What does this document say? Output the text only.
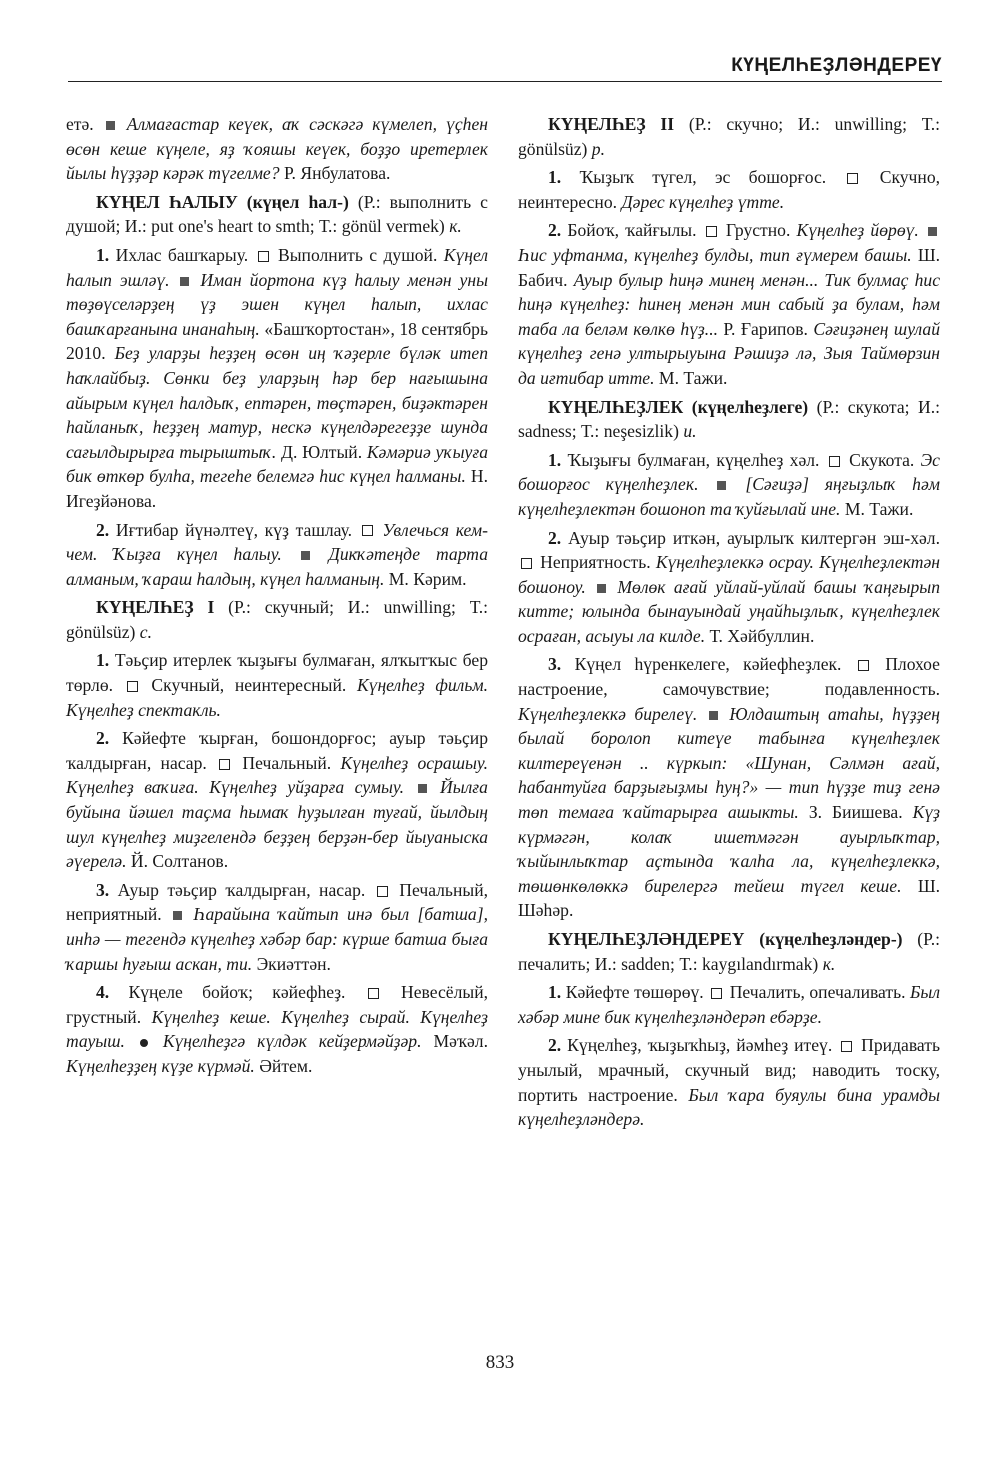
КҮҢЕЛҺЕҘЛӘНДЕРЕҮ

етә. Алмағастар кеүек, аҡ сәскәгә күмелеп, үҫһен өсөн кеше күңеле, яҙ ҡояшы кеүек, боҙҙо иретерлек йылы һүҙҙәр кәрәк түгелме? Р. Янбулатова.

КҮҢЕЛ ҺАЛЫУ (күңел һал-) (Р.: выполнить с душой; И.: put one's heart to smth; Т.: gönül vermek) к.

1. Ихлас башҡарыу. Выполнить с душой. Күңел һалып эшләү. Иман йортона күҙ һалыу менән уны төҙөүселәрҙең үҙ эшен күңел һалып, ихлас башҡарғанына инанаһың. «Башҡортостан», 18 сентябрь 2010. Беҙ уларҙы һеҙҙең өсөн иң ҡәҙерле бүләк итеп һаҡлайбыҙ. Сөнки беҙ уларҙың һәр бер нағышына айырым күңел һалдыҡ, ептәрен, төҫтәрен, биҙәктәрен һайланыҡ, һеҙҙең матур, нескә күңелдәрегеҙҙе шунда сағылдырырға тырыштыҡ. Д. Юлтый. Кәмәриә уҡыуға бик өткөр булһа, тегеһе белемгә һис күңел һалманы. Н. Игеҙйәнова.

2. Иғтибар йүнәлтеү, күҙ ташлау. Увлечься кем-чем. Ҡыҙға күңел һалыу.	Дикҡәтеңде тарта алманым, ҡараш һалдың, күңел һалманың. М. Кәрим.

КҮҢЕЛҺЕҘ I (Р.: скучный; И.: unwilling; Т.: gönülsüz) с.

1. Тәьҫир итерлек ҡыҙығы булмаған, ялҡытҡыс бер төрлө. Скучный, неинтересный. Күңелһеҙ фильм. Күңелһеҙ спектакль.

2. Кәйефте ҡырған, бошондорғос; ауыр тәьҫир ҡалдырған, насар. Печальный. Күңелһеҙ осрашыу. Күңелһеҙ ваҡиға. Күңелһеҙ уйҙарға сумыу. Йылға буйына йәшел таҫма һымаҡ һуҙылған туғай, йылдың шул күңелһеҙ миҙгелендә беҙҙең берҙән-бер йыуаныска әүерелә. Й. Солтанов.

3. Ауыр тәьҫир ҡалдырған, насар. Печальный, неприятный. Һарайына ҡайтып инә был [батша], инһә — тегендә күңелһеҙ хәбәр бар: күрше батша быға ҡаршы һуғыш аскан, ти. Экиәттән.

4. Күңеле бойоҡ; кәйефһеҙ.	Невесёлый, грустный. Күңелһеҙ кеше. Күңелһеҙ сырай. Күңелһеҙ тауыш. Күңелһеҙгә күлдәк кейҙермәйҙәр. Мәҡәл. Күңелһеҙҙең күҙе күрмәй. Әйтем.

КҮҢЕЛҺЕҘ II (Р.: скучно; И.: unwilling; Т.: gönülsüz) р.

1. Ҡыҙыҡ түгел, эс бошорғос.	Скучно, неинтересно. Дәрес күңелһеҙ үтте.

2. Бойоҡ, ҡайғылы. Грустно. Күңелһеҙ йөрөү.  Һис уфтанма, күңелһеҙ булды, тип ғүмерем башы. Ш. Бабич. Ауыр булыр һиңә минең менән... Тик булмаҫ һис һиңә күңелһеҙ: һинең менән мин сабый ҙа булам, һәм таба ла беләм көлкө һүҙ... Р. Ғарипов. Сәғиҙәнең шулай күңелһеҙ генә ултырыуына Рәшиҙә лә, Зыя Таймөрзин да иғтибар итте. М. Тажи.

КҮҢЕЛҺЕҘЛЕК (күңелһеҙлеге) (Р.: скукота; И.: sadness; Т.: neşesizlik) и.

1. Ҡыҙығы булмаған, күңелһеҙ хәл. Скукота. Эс бошорғос күңелһеҙлек.	[Сәғиҙә] яңғыҙлыҡ һәм күңелһеҙлектән бошоноп та ҡуйғылай ине. М. Тажи.

2. Ауыр тәьҫир иткән, ауырлыҡ килтергән эш-хәл.  Неприятность. Күңелһеҙлеккә осрау. Күңелһеҙлектән бошоноу. Мөлөк ағай уйлай-уйлай башы ҡаңғырып китте; юлында бынауындай уңайһыҙлыҡ, күңелһеҙлек осраған, асыуы ла килде. Т. Хәйбуллин.

3. Күңел һүренкелеге, кәйефһеҙлек. Плохое настроение, самочувствие; подавленность. Күңелһеҙлеккә бирелеү. Юлдаштың атаһы, һүҙҙең былай боролоп китеүе табынға күңелһеҙлек килтереүенән .. күркып: «Шунан, Сәлмән ағай, һабантуйға барҙығыҙмы һуң?» — тип һүҙҙе тиҙ генә төп темаға ҡайтарырға ашыкты. З. Биишева. Күҙ күрмәгән, колаҡ ишетмәгән ауырлыҡтар, ҡыйынлыҡтар аҫтында ҡалһа ла, күңелһеҙлеккә, төшөнкөлөккә бирелергә тейеш түгел кеше. Ш. Шәһәр.

КҮҢЕЛҺЕҘЛӘНДЕРЕҮ (күңелһеҙләндер-) (Р.: печалить; И.: sadden; Т.: kaygılandırmak) к.

1. Кәйефте төшөрөү. Печалить, опечаливать. Был хәбәр мине бик күңелһеҙләндерәп ебәрҙе.

2. Күңелһеҙ, ҡыҙыҡһыҙ, йәмһеҙ итеү. Придавать унылый, мрачный, скучный вид; наводить тоску, портить настроение. Был ҡара буяулы бина урамды күңелһеҙләндерә.

833
